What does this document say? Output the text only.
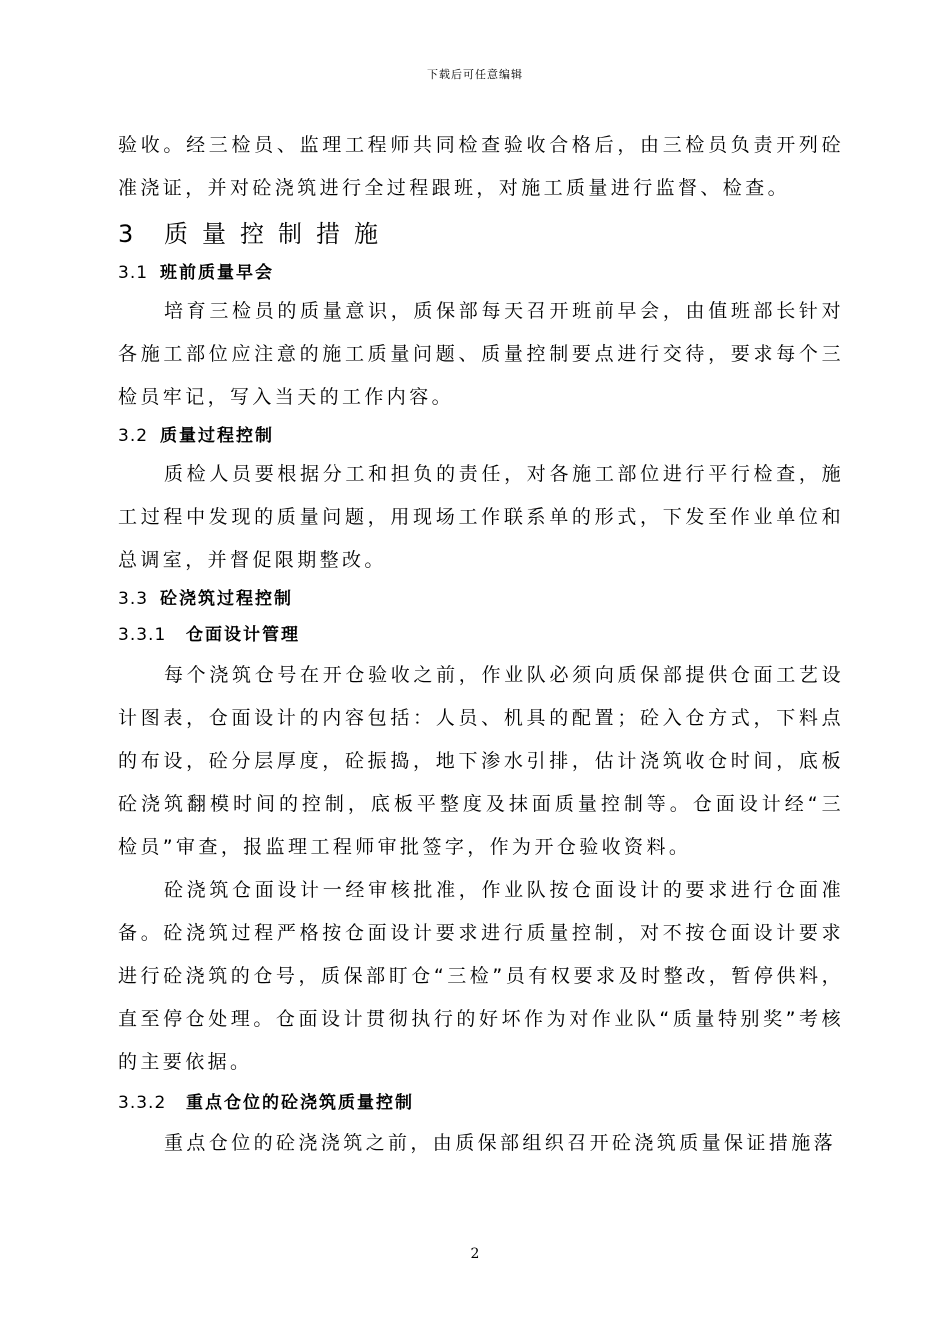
下载后可任意编辑

验收。经三检员、监理工程师共同检查验收合格后，由三检员负责开列砼准浇证，并对砼浇筑进行全过程跟班，对施工质量进行监督、检查。

3 质量控制措施
3.1 班前质量早会

培育三检员的质量意识，质保部每天召开班前早会，由值班部长针对各施工部位应注意的施工质量问题、质量控制要点进行交待，要求每个三检员牢记，写入当天的工作内容。

3.2 质量过程控制

质检人员要根据分工和担负的责任，对各施工部位进行平行检查，施工过程中发现的质量问题，用现场工作联系单的形式，下发至作业单位和总调室，并督促限期整改。

3.3 砼浇筑过程控制
3.3.1 仓面设计管理

每个浇筑仓号在开仓验收之前，作业队必须向质保部提供仓面工艺设计图表，仓面设计的内容包括：人员、机具的配置；砼入仓方式，下料点的布设，砼分层厚度，砼振捣，地下渗水引排，估计浇筑收仓时间，底板砼浇筑翻模时间的控制，底板平整度及抹面质量控制等。仓面设计经“三检员”审查，报监理工程师审批签字，作为开仓验收资料。

砼浇筑仓面设计一经审核批准，作业队按仓面设计的要求进行仓面准备。砼浇筑过程严格按仓面设计要求进行质量控制，对不按仓面设计要求进行砼浇筑的仓号，质保部盯仓“三检”员有权要求及时整改，暂停供料，直至停仓处理。仓面设计贯彻执行的好坏作为对作业队“质量特别奖”考核的主要依据。

3.3.2 重点仓位的砼浇筑质量控制

重点仓位的砼浇浇筑之前，由质保部组织召开砼浇筑质量保证措施落

2
